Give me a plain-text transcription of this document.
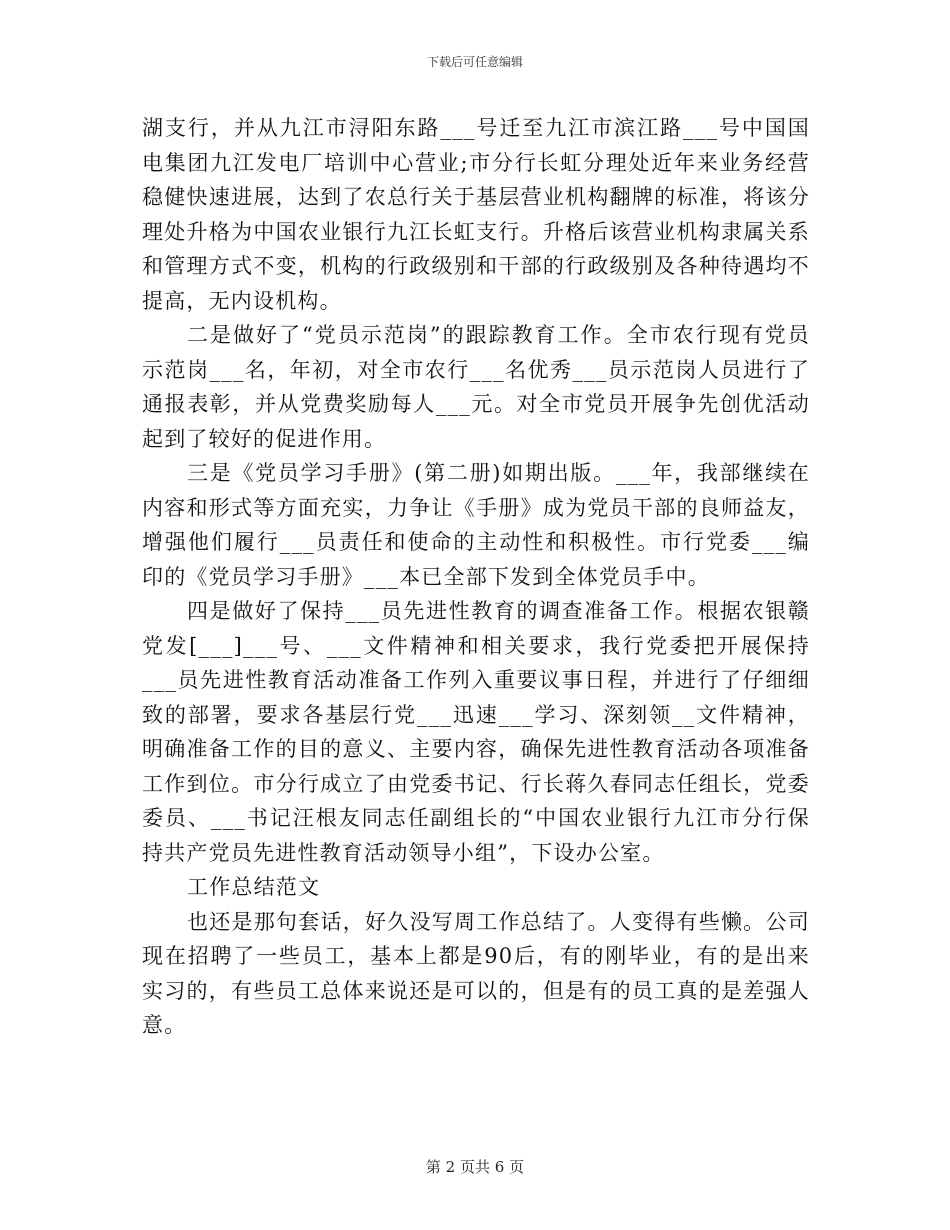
下载后可任意编辑

湖支行，并从九江市浔阳东路___号迁至九江市滨江路___号中国国电集团九江发电厂培训中心营业;市分行长虹分理处近年来业务经营稳健快速进展，达到了农总行关于基层营业机构翻牌的标准，将该分理处升格为中国农业银行九江长虹支行。升格后该营业机构隶属关系和管理方式不变，机构的行政级别和干部的行政级别及各种待遇均不提高，无内设机构。

二是做好了“党员示范岗”的跟踪教育工作。全市农行现有党员示范岗___名，年初，对全市农行___名优秀___员示范岗人员进行了通报表彰，并从党费奖励每人___元。对全市党员开展争先创优活动起到了较好的促进作用。

三是《党员学习手册》(第二册)如期出版。___年，我部继续在内容和形式等方面充实，力争让《手册》成为党员干部的良师益友，增强他们履行___员责任和使命的主动性和积极性。市行党委___编印的《党员学习手册》___本已全部下发到全体党员手中。

四是做好了保持___员先进性教育的调查准备工作。根据农银赣党发[___]___号、___文件精神和相关要求，我行党委把开展保持___员先进性教育活动准备工作列入重要议事日程，并进行了仔细细致的部署，要求各基层行党___迅速___学习、深刻领__文件精神，明确准备工作的目的意义、主要内容，确保先进性教育活动各项准备工作到位。市分行成立了由党委书记、行长蒋久春同志任组长，党委委员、___书记汪根友同志任副组长的“中国农业银行九江市分行保持共产党员先进性教育活动领导小组”，下设办公室。

工作总结范文

也还是那句套话，好久没写周工作总结了。人变得有些懒。公司现在招聘了一些员工，基本上都是90后，有的刚毕业，有的是出来实习的，有些员工总体来说还是可以的，但是有的员工真的是差强人意。

第 2 页共 6 页
